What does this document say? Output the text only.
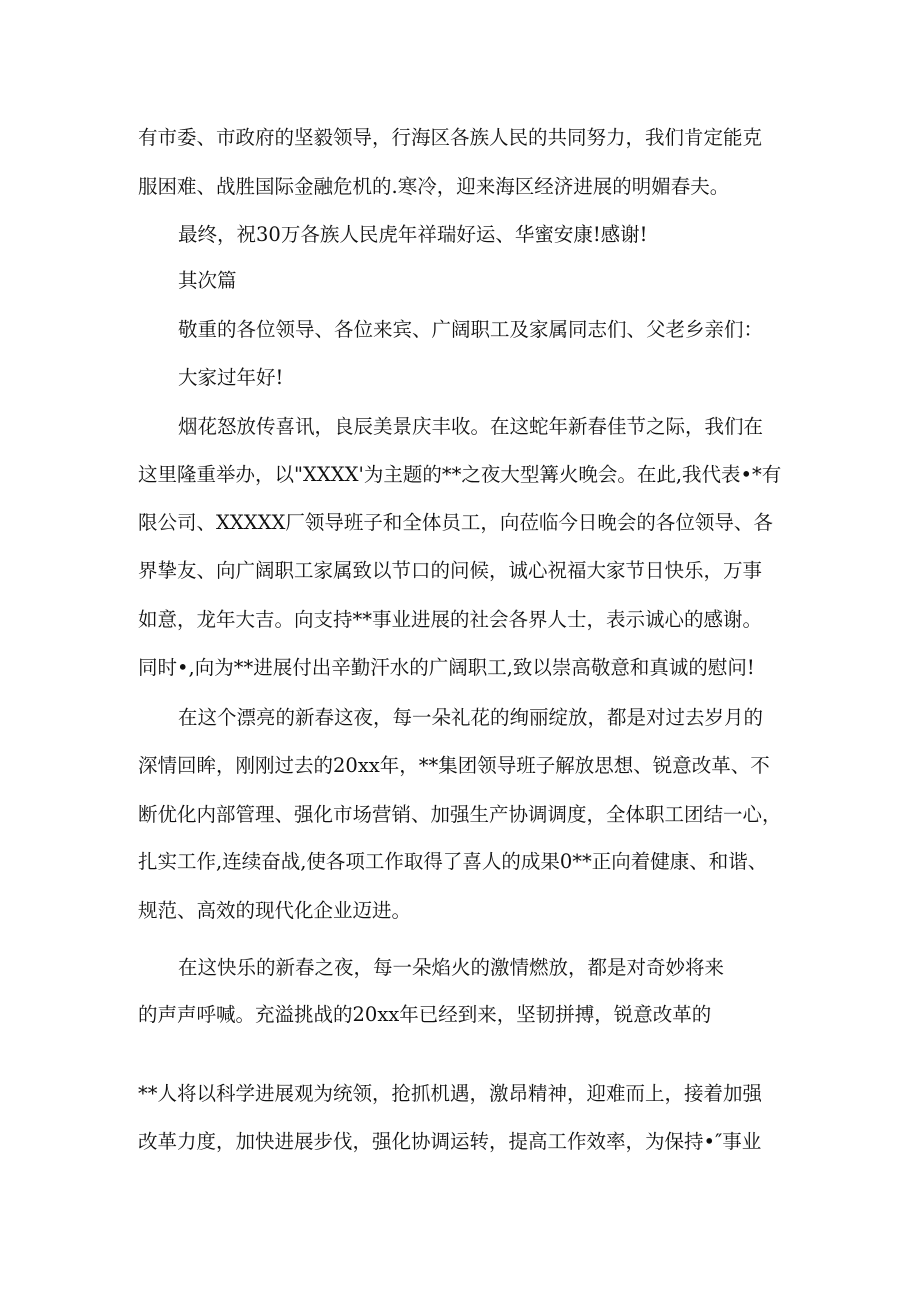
有市委、市政府的坚毅领导，行海区各族人民的共同努力，我们肯定能克
服困难、战胜国际金融危机的.寒冷，迎来海区经济进展的明媚春夫。
最终，祝30万各族人民虎年祥瑞好运、华蜜安康!感谢!
其次篇
敬重的各位领导、各位来宾、广阔职工及家属同志们、父老乡亲们：
大家过年好!
烟花怒放传喜讯，良辰美景庆丰收。在这蛇年新春佳节之际，我们在
这里隆重举办，以"XXXX'为主题的**之夜大型篝火晚会。在此,我代表•*有
限公司、XXXXX厂领导班子和全体员工，向莅临今日晚会的各位领导、各
界挚友、向广阔职工家属致以节口的问候，诚心祝福大家节日快乐，万事
如意，龙年大吉。向支持**事业进展的社会各界人士，表示诚心的感谢。
同时•,向为**进展付出辛勤汗水的广阔职工,致以崇高敬意和真诚的慰问!
在这个漂亮的新春这夜，每一朵礼花的绚丽绽放，都是对过去岁月的
深情回眸，刚刚过去的20xx年，**集团领导班子解放思想、锐意改革、不
断优化内部管理、强化市场营销、加强生产协调调度，全体职工团结一心，
扎实工作,连续奋战,使各项工作取得了喜人的成果0**正向着健康、和谐、
规范、高效的现代化企业迈进。
在这快乐的新春之夜，每一朵焰火的激情燃放，都是对奇妙将来
的声声呼喊。充溢挑战的20xx年已经到来，坚韧拼搏，锐意改革的
**人将以科学进展观为统领，抢抓机遇，激昂精神，迎难而上，接着加强
改革力度，加快进展步伐，强化协调运转，提高工作效率，为保持•″事业
